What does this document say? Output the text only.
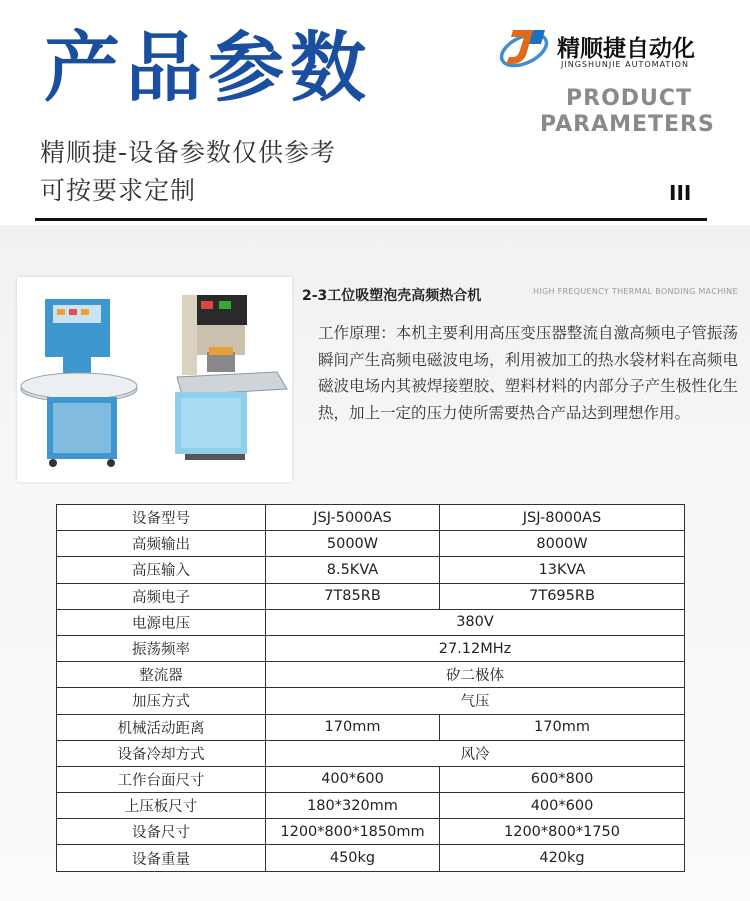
产品参数
精顺捷-设备参数仅供参考
可按要求定制
精顺捷自动化
JINGSHUNJIE AUTOMATION
PRODUCT
PARAMETERS
III
2-3工位吸塑泡壳高频热合机	HIGH FREQUENCY THERMAL BONDING MACHINE
工作原理：本机主要利用高压变压器整流自激高频电子管振荡瞬间产生高频电磁波电场，利用被加工的热水袋材料在高频电磁波电场内其被焊接塑胶、塑料材料的内部分子产生极性化生热，加上一定的压力使所需要热合产品达到理想作用。
设备型号	JSJ-5000AS	JSJ-8000AS
高频输出	5000W	8000W
高压输入	8.5KVA	13KVA
高频电子	7T85RB	7T695RB
电源电压	380V	
振荡频率	27.12MHz	
整流器	矽二极体	
加压方式	气压	
机械活动距离	170mm	170mm
设备冷却方式	风冷	
工作台面尺寸	400*600	600*800
上压板尺寸	180*320mm	400*600
设备尺寸	1200*800*1850mm	1200*800*1750
设备重量	450kg	420kg
